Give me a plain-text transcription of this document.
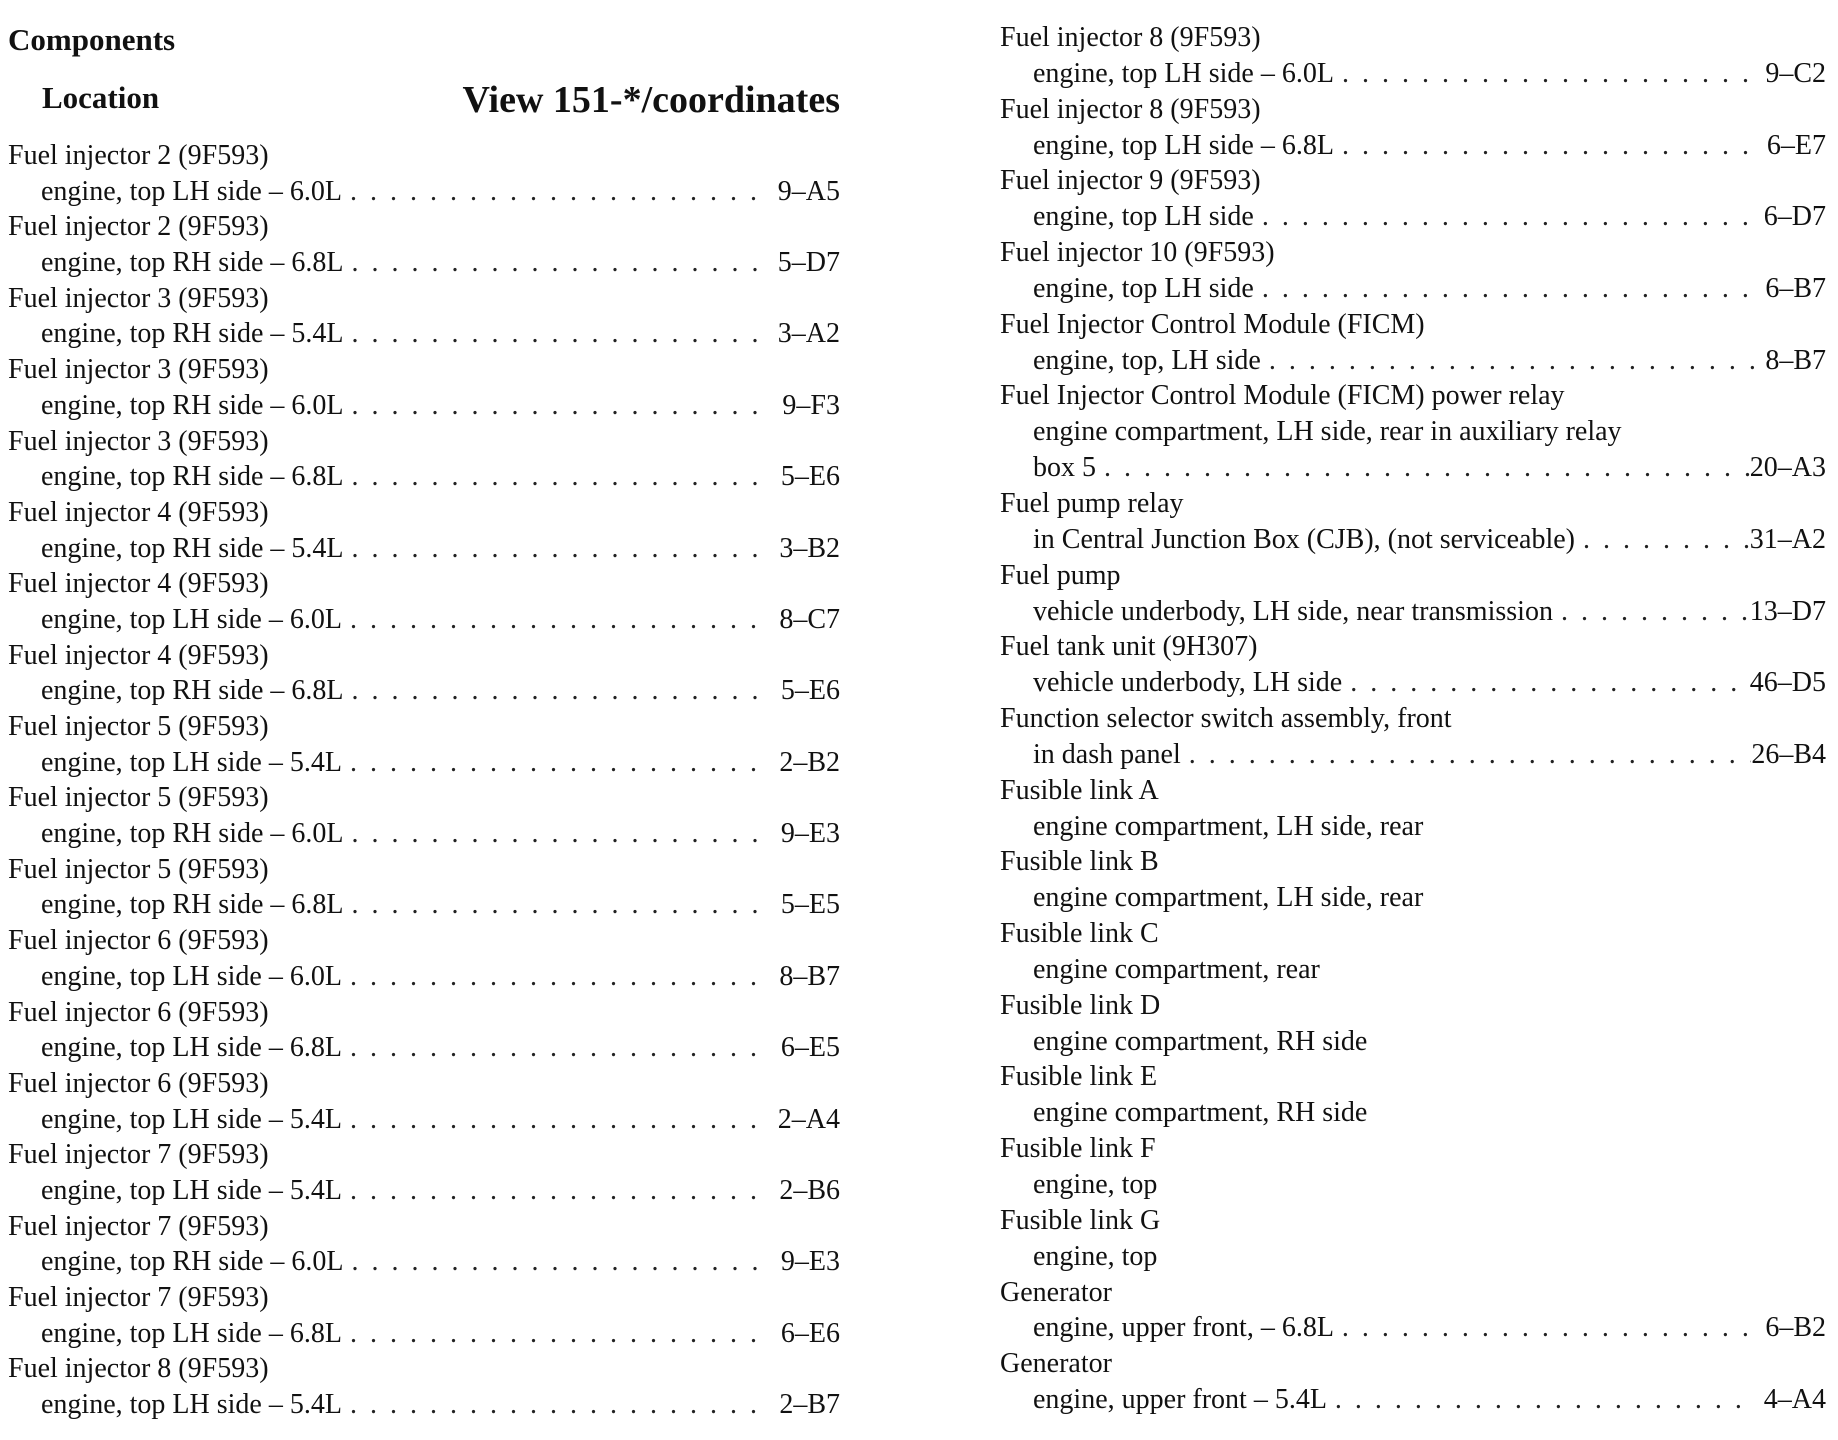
Components
Location	View 151-*/coordinates
Fuel injector 2 (9F593)
engine, top LH side – 6.0L . . .	9–A5
Fuel injector 2 (9F593)
engine, top RH side – 6.8L . . .	5–D7
Fuel injector 3 (9F593)
engine, top RH side – 5.4L . . .	3–A2
Fuel injector 3 (9F593)
engine, top RH side – 6.0L . . .	9–F3
Fuel injector 3 (9F593)
engine, top RH side – 6.8L . . .	5–E6
Fuel injector 4 (9F593)
engine, top RH side – 5.4L . . .	3–B2
Fuel injector 4 (9F593)
engine, top LH side – 6.0L . . .	8–C7
Fuel injector 4 (9F593)
engine, top RH side – 6.8L . . .	5–E6
Fuel injector 5 (9F593)
engine, top LH side – 5.4L . . .	2–B2
Fuel injector 5 (9F593)
engine, top RH side – 6.0L . . .	9–E3
Fuel injector 5 (9F593)
engine, top RH side – 6.8L . . .	5–E5
Fuel injector 6 (9F593)
engine, top LH side – 6.0L . . .	8–B7
Fuel injector 6 (9F593)
engine, top LH side – 6.8L . . .	6–E5
Fuel injector 6 (9F593)
engine, top LH side – 5.4L . . .	2–A4
Fuel injector 7 (9F593)
engine, top LH side – 5.4L . . .	2–B6
Fuel injector 7 (9F593)
engine, top RH side – 6.0L . . .	9–E3
Fuel injector 7 (9F593)
engine, top LH side – 6.8L . . .	6–E6
Fuel injector 8 (9F593)
engine, top LH side – 5.4L . . .	2–B7
Fuel injector 8 (9F593)
engine, top LH side – 6.0L . . .	9–C2
Fuel injector 8 (9F593)
engine, top LH side – 6.8L . . .	6–E7
Fuel injector 9 (9F593)
engine, top LH side . . .	6–D7
Fuel injector 10 (9F593)
engine, top LH side . . .	6–B7
Fuel Injector Control Module (FICM)
engine, top, LH side . . .	8–B7
Fuel Injector Control Module (FICM) power relay
engine compartment, LH side, rear in auxiliary relay
box 5 . . .	20–A3
Fuel pump relay
in Central Junction Box (CJB), (not serviceable) . . .	31–A2
Fuel pump
vehicle underbody, LH side, near transmission . . .	13–D7
Fuel tank unit (9H307)
vehicle underbody, LH side . . .	46–D5
Function selector switch assembly, front
in dash panel . . .	26–B4
Fusible link A
engine compartment, LH side, rear
Fusible link B
engine compartment, LH side, rear
Fusible link C
engine compartment, rear
Fusible link D
engine compartment, RH side
Fusible link E
engine compartment, RH side
Fusible link F
engine, top
Fusible link G
engine, top
Generator
engine, upper front, – 6.8L . . .	6–B2
Generator
engine, upper front – 5.4L . . .	4–A4
